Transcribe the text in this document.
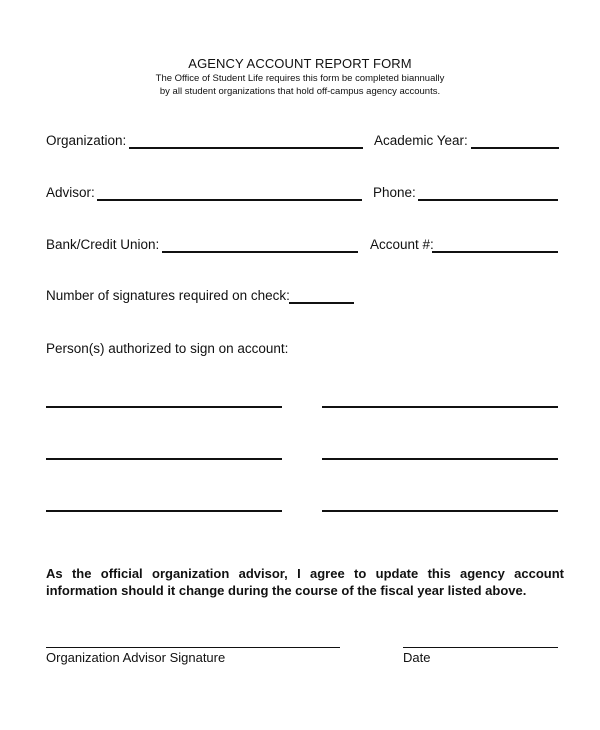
AGENCY ACCOUNT REPORT FORM
The Office of Student Life requires this form be completed biannually
by all student organizations that hold off-campus agency accounts.
Organization:	Academic Year:
Advisor:	Phone:
Bank/Credit Union:	Account #:
Number of signatures required on check:
Person(s) authorized to sign on account:
As the official organization advisor, I agree to update this agency account
information should it change during the course of the fiscal year listed above.
Organization Advisor Signature	Date
